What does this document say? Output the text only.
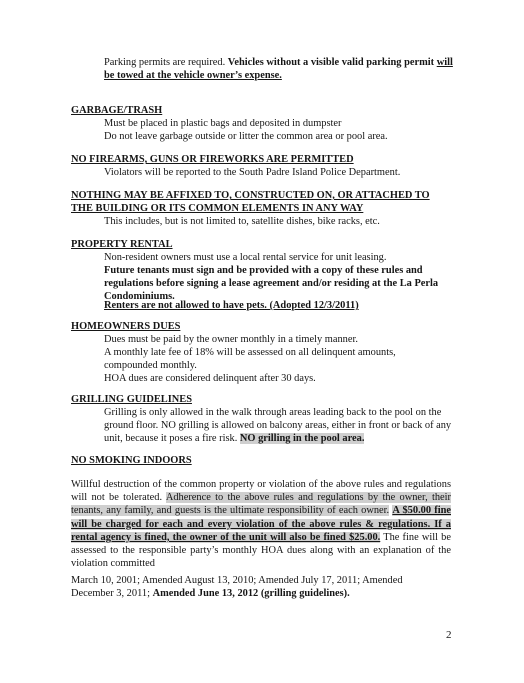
Parking permits are required. Vehicles without a visible valid parking permit will be towed at the vehicle owner’s expense.

GARBAGE/TRASH

Must be placed in plastic bags and deposited in dumpster

Do not leave garbage outside or litter the common area or pool area.

NO FIREARMS, GUNS OR FIREWORKS ARE PERMITTED

Violators will be reported to the South Padre Island Police Department.

NOTHING MAY BE AFFIXED TO, CONSTRUCTED ON, OR ATTACHED TO THE BUILDING OR ITS COMMON ELEMENTS IN ANY WAY

This includes, but is not limited to, satellite dishes, bike racks, etc.

PROPERTY RENTAL

Non-resident owners must use a local rental service for unit leasing.

Future tenants must sign and be provided with a copy of these rules and regulations before signing a lease agreement and/or residing at the La Perla Condominiums.

Renters are not allowed to have pets. (Adopted 12/3/2011)

HOMEOWNERS DUES

Dues must be paid by the owner monthly in a timely manner.

A monthly late fee of 18% will be assessed on all delinquent amounts, compounded monthly.

HOA dues are considered delinquent after 30 days.

GRILLING GUIDELINES

Grilling is only allowed in the walk through areas leading back to the pool on the ground floor. NO grilling is allowed on balcony areas, either in front or back of any unit, because it poses a fire risk. NO grilling in the pool area.

NO SMOKING INDOORS

Willful destruction of the common property or violation of the above rules and regulations will not be tolerated. Adherence to the above rules and regulations by the owner, their tenants, any family, and guests is the ultimate responsibility of each owner. A $50.00 fine will be charged for each and every violation of the above rules & regulations. If a rental agency is fined, the owner of the unit will also be fined $25.00. The fine will be assessed to the responsible party’s monthly HOA dues along with an explanation of the violation committed

March 10, 2001; Amended August 13, 2010; Amended July 17, 2011; Amended December 3, 2011; Amended June 13, 2012 (grilling guidelines).

2
